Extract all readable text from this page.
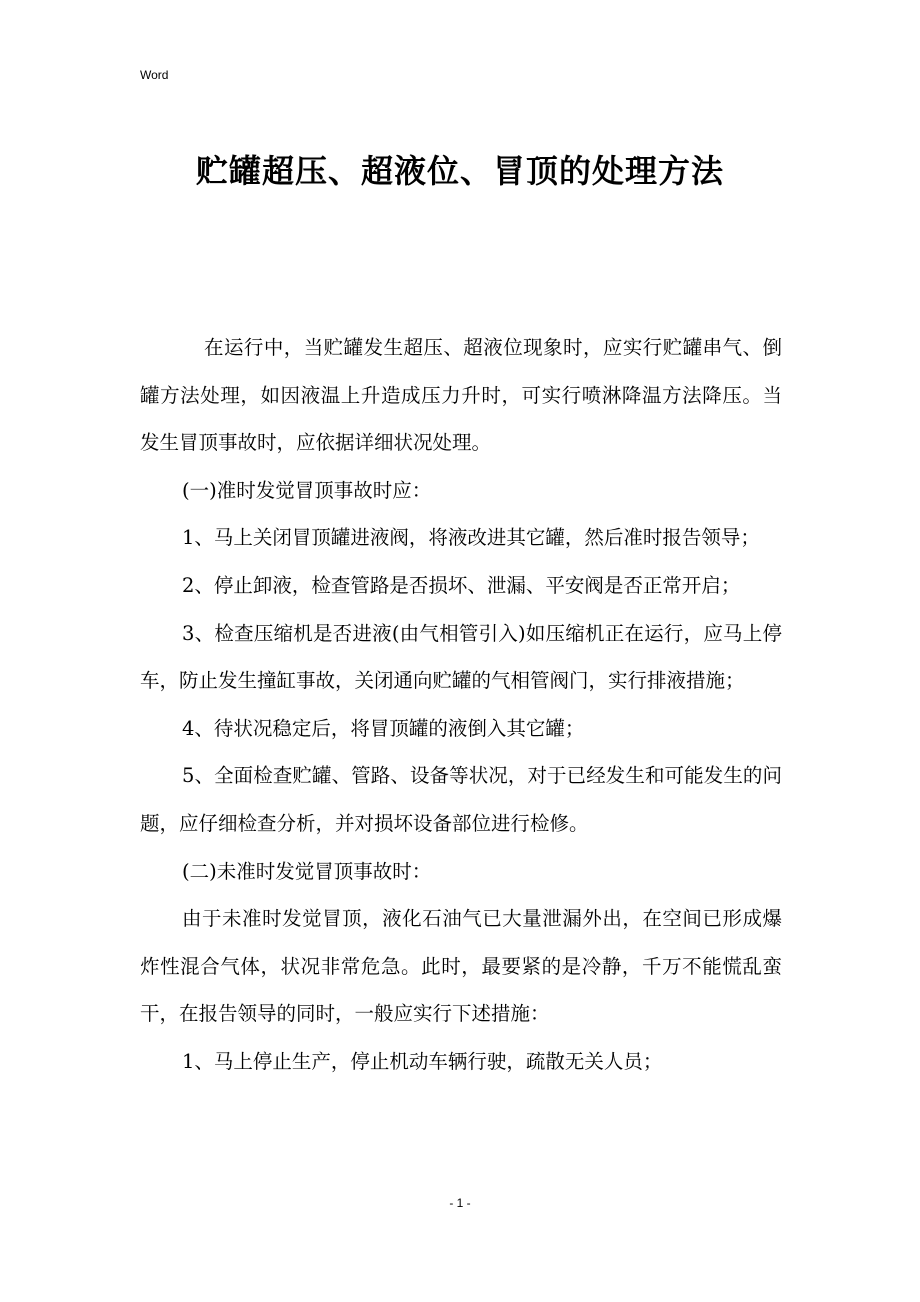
Word
贮罐超压、超液位、冒顶的处理方法

在运行中，当贮罐发生超压、超液位现象时，应实行贮罐串气、倒罐方法处理，如因液温上升造成压力升时，可实行喷淋降温方法降压。当发生冒顶事故时，应依据详细状况处理。

(一)准时发觉冒顶事故时应：

1、马上关闭冒顶罐进液阀，将液改进其它罐，然后准时报告领导；

2、停止卸液，检查管路是否损坏、泄漏、平安阀是否正常开启；

3、检查压缩机是否进液(由气相管引入)如压缩机正在运行，应马上停车，防止发生撞缸事故，关闭通向贮罐的气相管阀门，实行排液措施；

4、待状况稳定后，将冒顶罐的液倒入其它罐；

5、全面检查贮罐、管路、设备等状况，对于已经发生和可能发生的问题，应仔细检查分析，并对损坏设备部位进行检修。

(二)未准时发觉冒顶事故时：

由于未准时发觉冒顶，液化石油气已大量泄漏外出，在空间已形成爆炸性混合气体，状况非常危急。此时，最要紧的是冷静，千万不能慌乱蛮干，在报告领导的同时，一般应实行下述措施：

1、马上停止生产，停止机动车辆行驶，疏散无关人员；

- 1 -
